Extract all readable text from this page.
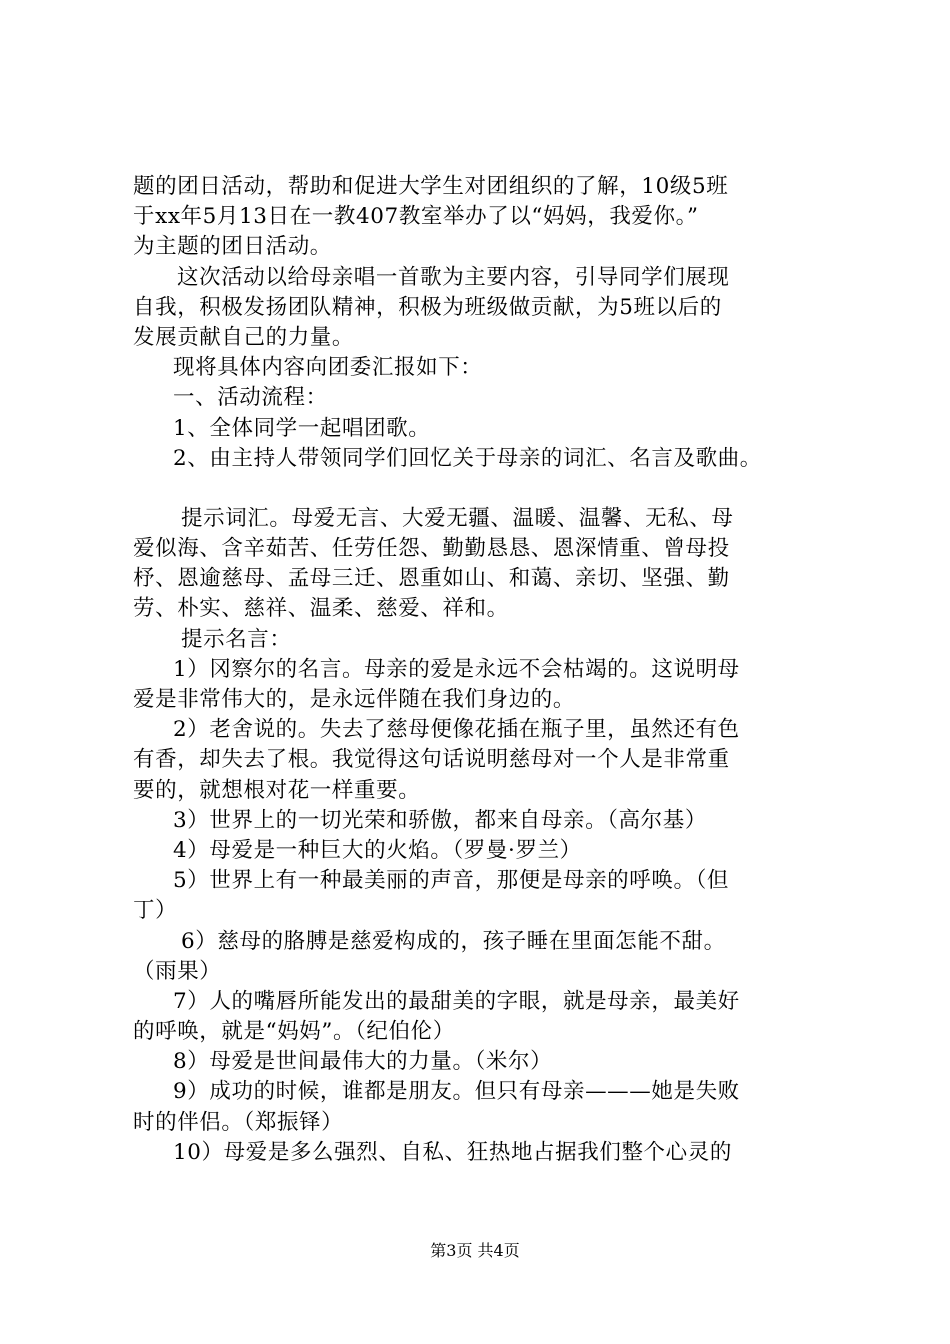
题的团日活动，帮助和促进大学生对团组织的了解，10级5班
于xx年5月13日在一教407教室举办了以“妈妈，我爱你。”
为主题的团日活动。
这次活动以给母亲唱一首歌为主要内容，引导同学们展现
自我，积极发扬团队精神，积极为班级做贡献，为5班以后的
发展贡献自己的力量。
现将具体内容向团委汇报如下：
一、活动流程：
1、全体同学一起唱团歌。
2、由主持人带领同学们回忆关于母亲的词汇、名言及歌曲。
提示词汇。母爱无言、大爱无疆、温暖、温馨、无私、母
爱似海、含辛茹苦、任劳任怨、勤勤恳恳、恩深情重、曾母投
杼、恩逾慈母、孟母三迁、恩重如山、和蔼、亲切、坚强、勤
劳、朴实、慈祥、温柔、慈爱、祥和。
提示名言：
1）冈察尔的名言。母亲的爱是永远不会枯竭的。这说明母
爱是非常伟大的，是永远伴随在我们身边的。
2）老舍说的。失去了慈母便像花插在瓶子里，虽然还有色
有香，却失去了根。我觉得这句话说明慈母对一个人是非常重
要的，就想根对花一样重要。
3）世界上的一切光荣和骄傲，都来自母亲。（高尔基）
4）母爱是一种巨大的火焰。（罗曼·罗兰）
5）世界上有一种最美丽的声音，那便是母亲的呼唤。（但
丁）
6）慈母的胳膊是慈爱构成的，孩子睡在里面怎能不甜。
（雨果）
7）人的嘴唇所能发出的最甜美的字眼，就是母亲，最美好
的呼唤，就是“妈妈”。（纪伯伦）
8）母爱是世间最伟大的力量。（米尔）
9）成功的时候，谁都是朋友。但只有母亲———她是失败
时的伴侣。（郑振铎）
10）母爱是多么强烈、自私、狂热地占据我们整个心灵的
第3页 共4页
